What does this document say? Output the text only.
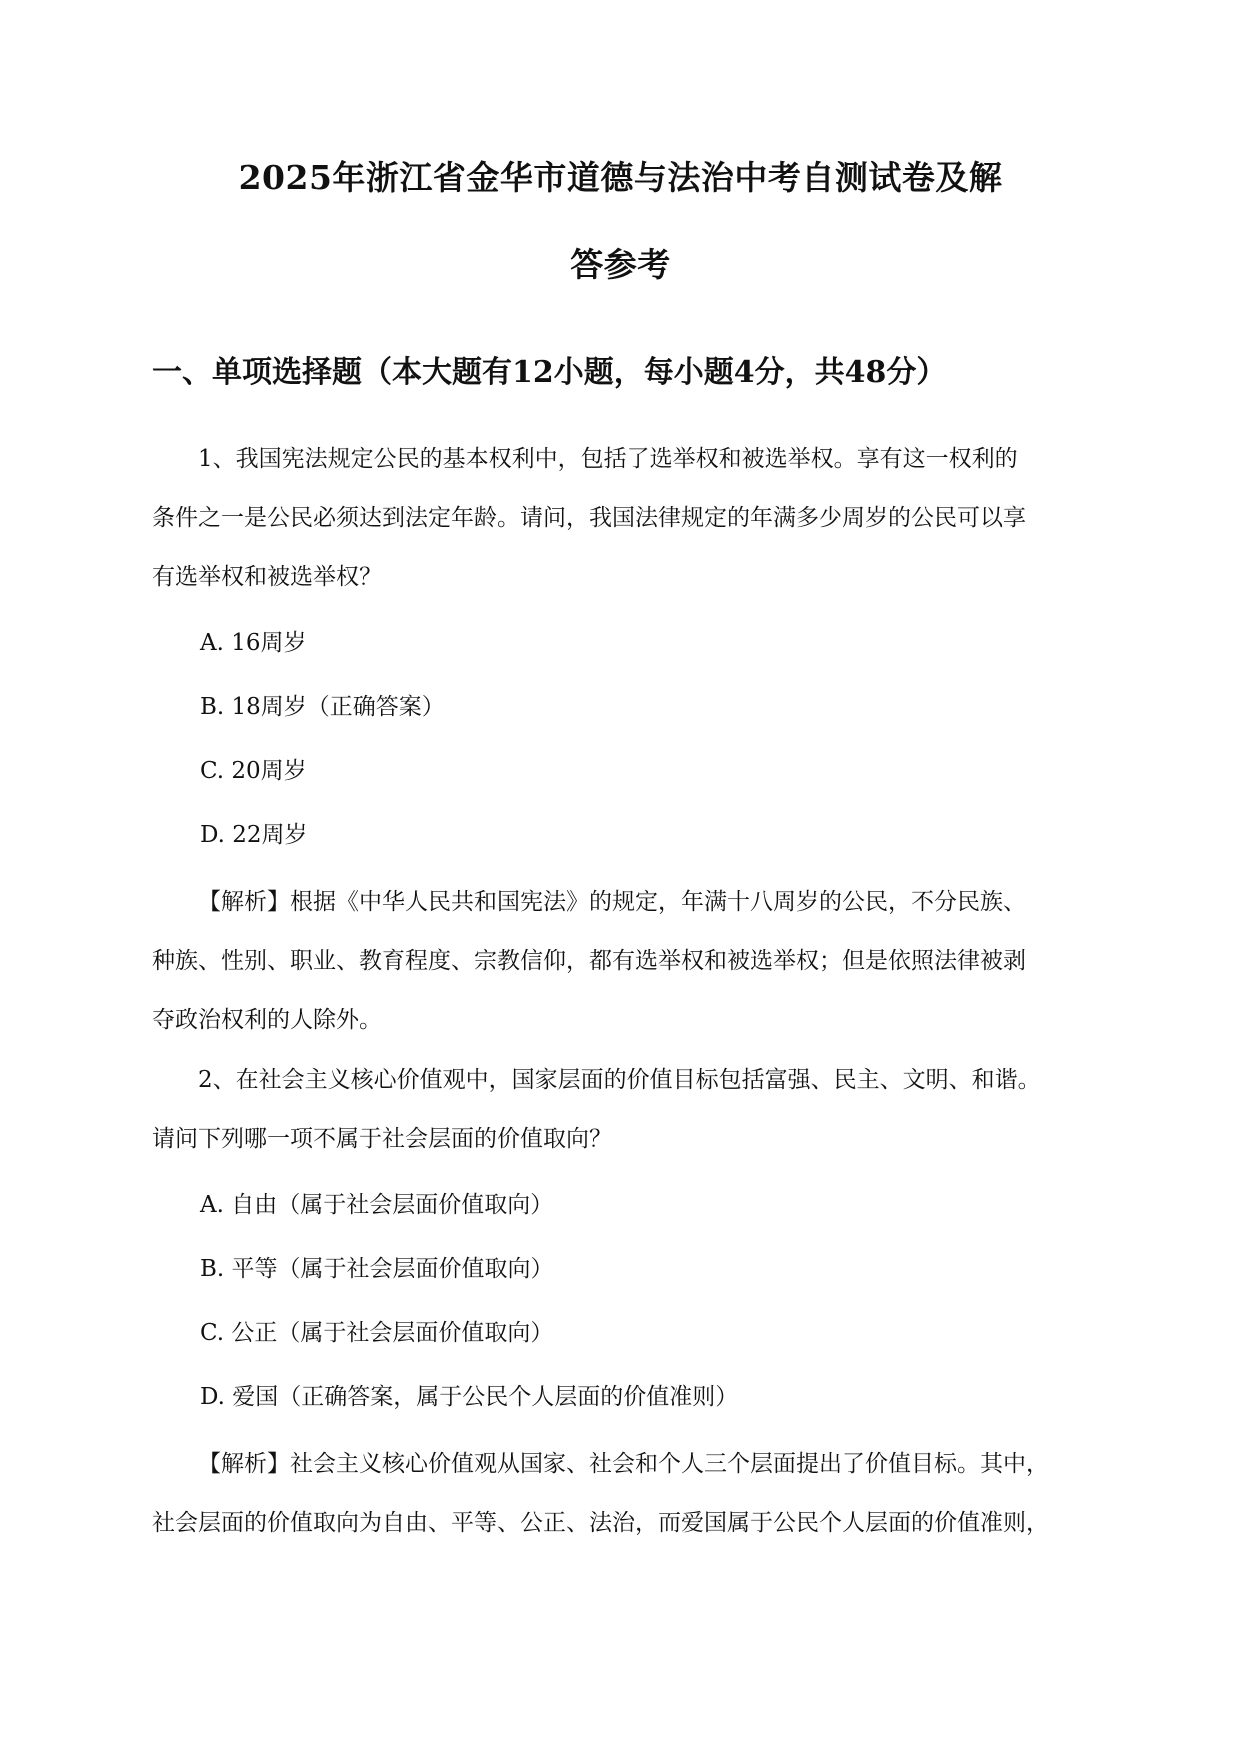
2025年浙江省金华市道德与法治中考自测试卷及解
答参考
一、单项选择题（本大题有12小题，每小题4分，共48分）
1、我国宪法规定公民的基本权利中，包括了选举权和被选举权。享有这一权利的
条件之一是公民必须达到法定年龄。请问，我国法律规定的年满多少周岁的公民可以享
有选举权和被选举权？
A. 16周岁
B. 18周岁（正确答案）
C. 20周岁
D. 22周岁
【解析】根据《中华人民共和国宪法》的规定，年满十八周岁的公民，不分民族、
种族、性别、职业、教育程度、宗教信仰，都有选举权和被选举权；但是依照法律被剥
夺政治权利的人除外。
2、在社会主义核心价值观中，国家层面的价值目标包括富强、民主、文明、和谐。
请问下列哪一项不属于社会层面的价值取向？
A. 自由（属于社会层面价值取向）
B. 平等（属于社会层面价值取向）
C. 公正（属于社会层面价值取向）
D. 爱国（正确答案，属于公民个人层面的价值准则）
【解析】社会主义核心价值观从国家、社会和个人三个层面提出了价值目标。其中，
社会层面的价值取向为自由、平等、公正、法治，而爱国属于公民个人层面的价值准则，
